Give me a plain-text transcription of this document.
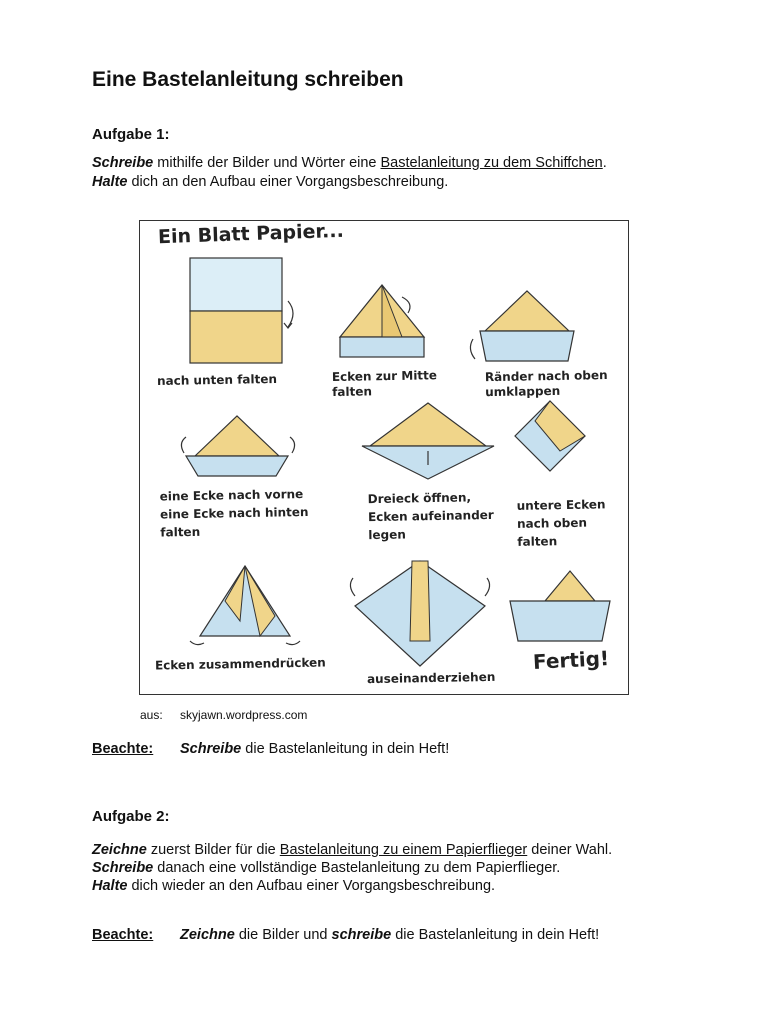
Eine Bastelanleitung schreiben
Aufgabe 1:
Schreibe mithilfe der Bilder und Wörter eine Bastelanleitung zu dem Schiffchen.
Halte dich an den Aufbau einer Vorgangsbeschreibung.
Ein Blatt Papier...
nach unten falten	Ecken zur Mitte falten
Ränder nach oben umklappen
eine Ecke nach vorne eine Ecke nach hinten falten
Dreieck öffnen, Ecken aufeinander legen
untere Ecken nach oben falten
Ecken zusammendrücken
auseinanderziehen
Fertig!
aus: skyjawn.wordpress.com
Beachte: Schreibe die Bastelanleitung in dein Heft!
Aufgabe 2:
Zeichne zuerst Bilder für die Bastelanleitung zu einem Papierflieger deiner Wahl.
Schreibe danach eine vollständige Bastelanleitung zu dem Papierflieger.
Halte dich wieder an den Aufbau einer Vorgangsbeschreibung.
Beachte: Zeichne die Bilder und schreibe die Bastelanleitung in dein Heft!
